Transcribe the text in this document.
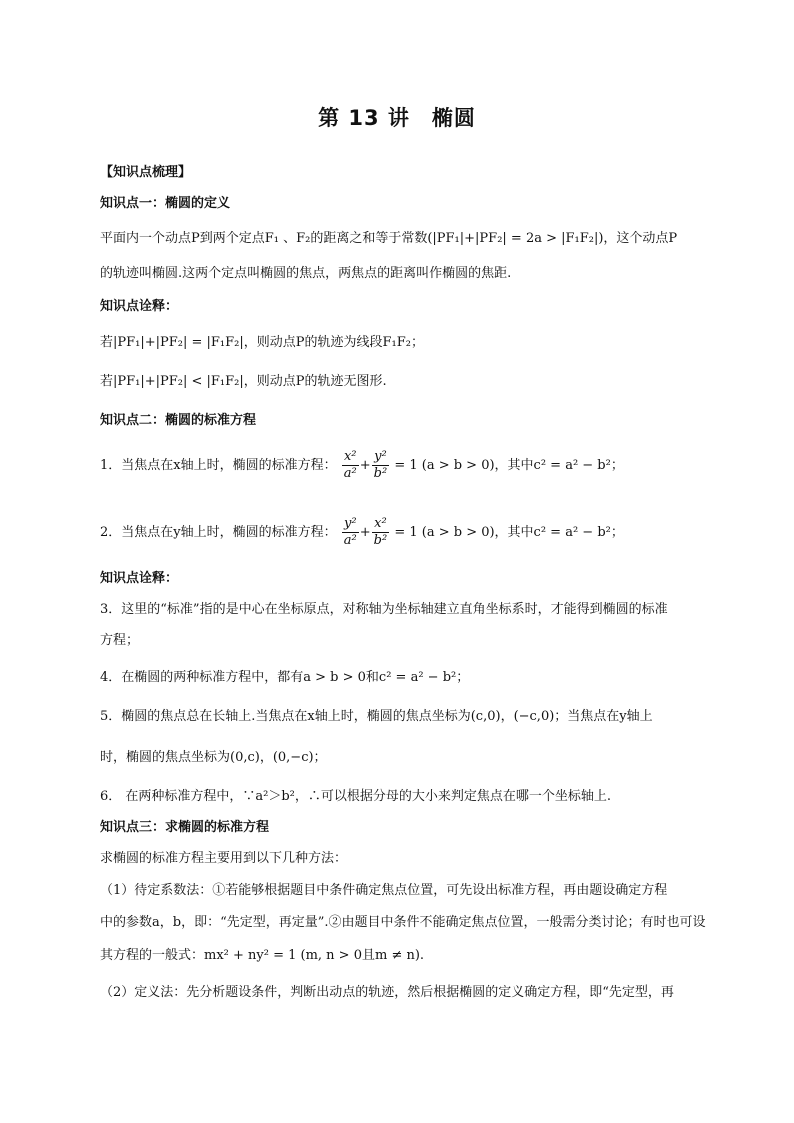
第 13 讲　椭圆
【知识点梳理】
知识点一：椭圆的定义
平面内一个动点P到两个定点F₁ 、F₂的距离之和等于常数(|PF₁|+|PF₂| = 2a > |F₁F₂|)，这个动点P
的轨迹叫椭圆.这两个定点叫椭圆的焦点，两焦点的距离叫作椭圆的焦距.
知识点诠释：
若|PF₁|+|PF₂| = |F₁F₂|，则动点P的轨迹为线段F₁F₂；
若|PF₁|+|PF₂| < |F₁F₂|，则动点P的轨迹无图形.
知识点二：椭圆的标准方程
1．当焦点在x轴上时，椭圆的标准方程： $\frac{\text{x²}}{\text{a²}} + \frac{\text{y²}}{\text{b²}} = 1$ (a > b > 0)，其中c² = a² − b²；
2．当焦点在y轴上时，椭圆的标准方程： $\frac{\text{y²}}{\text{a²}} + \frac{\text{x²}}{\text{b²}} = 1$ (a > b > 0)，其中c² = a² − b²；
知识点诠释：
3．这里的“标准”指的是中心在坐标原点，对称轴为坐标轴建立直角坐标系时，才能得到椭圆的标准
方程；
4．在椭圆的两种标准方程中，都有a > b > 0和c² = a² − b²；
5．椭圆的焦点总在长轴上.当焦点在x轴上时，椭圆的焦点坐标为(c,0)，(−c,0)；当焦点在y轴上
时，椭圆的焦点坐标为(0,c)，(0,−c)；
6． 在两种标准方程中，∵a²＞b²，∴可以根据分母的大小来判定焦点在哪一个坐标轴上.
知识点三：求椭圆的标准方程
求椭圆的标准方程主要用到以下几种方法：
（1）待定系数法：①若能够根据题目中条件确定焦点位置，可先设出标准方程，再由题设确定方程
中的参数a，b，即：“先定型，再定量”.②由题目中条件不能确定焦点位置，一般需分类讨论；有时也可设
其方程的一般式：mx² + ny² = 1 (m, n > 0且m ≠ n).
（2）定义法：先分析题设条件，判断出动点的轨迹，然后根据椭圆的定义确定方程，即“先定型，再
